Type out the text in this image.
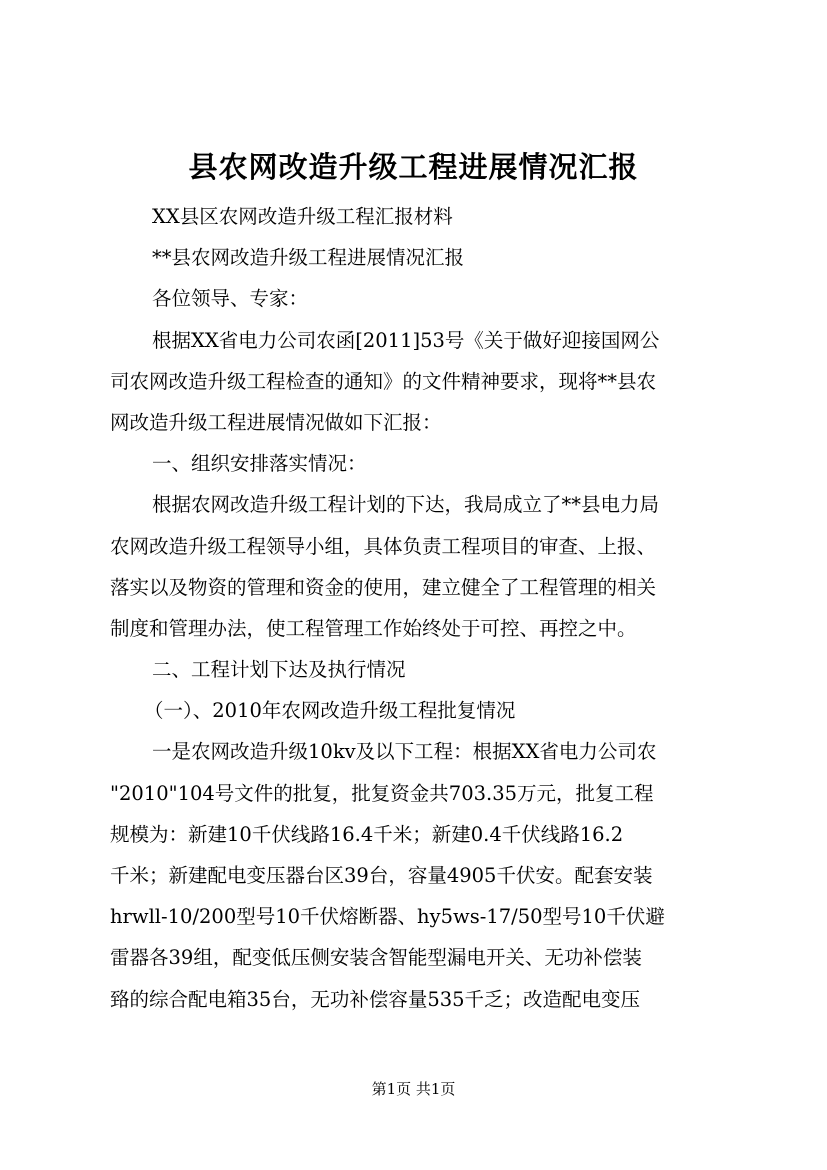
县农网改造升级工程进展情况汇报
XX县区农网改造升级工程汇报材料
**县农网改造升级工程进展情况汇报
各位领导、专家：
根据XX省电力公司农函[2011]53号《关于做好迎接国网公
司农网改造升级工程检查的通知》的文件精神要求，现将**县农
网改造升级工程进展情况做如下汇报：
一、组织安排落实情况：
根据农网改造升级工程计划的下达，我局成立了**县电力局
农网改造升级工程领导小组，具体负责工程项目的审查、上报、
落实以及物资的管理和资金的使用，建立健全了工程管理的相关
制度和管理办法，使工程管理工作始终处于可控、再控之中。
二、工程计划下达及执行情况
（一）、2010年农网改造升级工程批复情况
一是农网改造升级10kv及以下工程：根据XX省电力公司农
"2010"104号文件的批复，批复资金共703.35万元，批复工程
规模为：新建10千伏线路16.4千米；新建0.4千伏线路16.2
千米；新建配电变压器台区39台，容量4905千伏安。配套安装
hrwll-10/200型号10千伏熔断器、hy5ws-17/50型号10千伏避
雷器各39组，配变低压侧安装含智能型漏电开关、无功补偿装
臵的综合配电箱35台，无功补偿容量535千乏；改造配电变压
第1页 共1页
